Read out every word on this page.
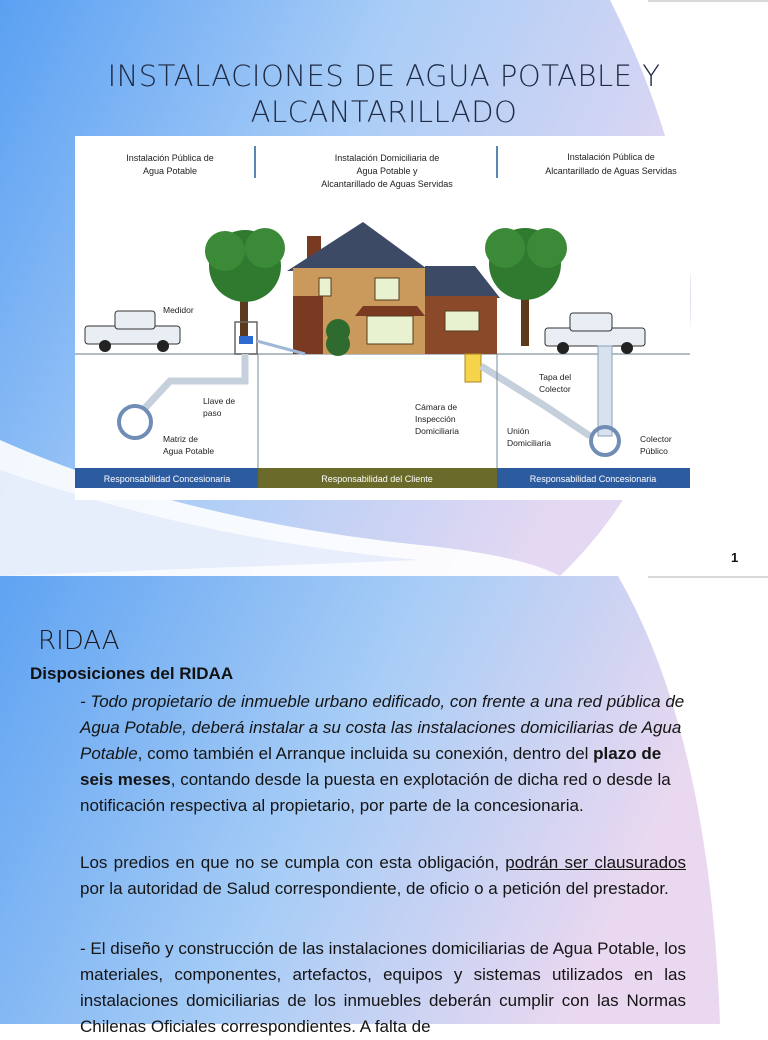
INSTALACIONES DE AGUA POTABLE Y
ALCANTARILLADO
Instalación Pública de
Agua Potable
Instalación Domiciliaria de
Agua Potable y
Alcantarillado de Aguas Servidas
Instalación Pública de
Alcantarillado de Aguas Servidas
Medidor
Llave de
paso
Matriz de
Agua Potable
Cámara de
Inspección
Domiciliaria
Tapa del
Colector
Unión
Domiciliaria	Colector
Público
Responsabilidad Concesionaria	Responsabilidad del Cliente	Responsabilidad Concesionaria
1
RIDAA
Disposiciones del RIDAA
- Todo propietario de inmueble urbano edificado, con frente a una red pública de Agua Potable, deberá instalar a su costa las instalaciones domiciliarias de Agua Potable, como también el Arranque incluida su conexión, dentro del plazo de seis meses, contando desde la puesta en explotación de dicha red o desde la notificación respectiva al propietario, por parte de la concesionaria.
Los predios en que no se cumpla con esta obligación, podrán ser clausurados por la autoridad de Salud correspondiente, de oficio o a petición del prestador.
- El diseño y construcción de las instalaciones domiciliarias de Agua Potable, los materiales, componentes, artefactos, equipos y sistemas utilizados en las instalaciones domiciliarias de los inmuebles deberán cumplir con las Normas Chilenas Oficiales correspondientes. A falta de
